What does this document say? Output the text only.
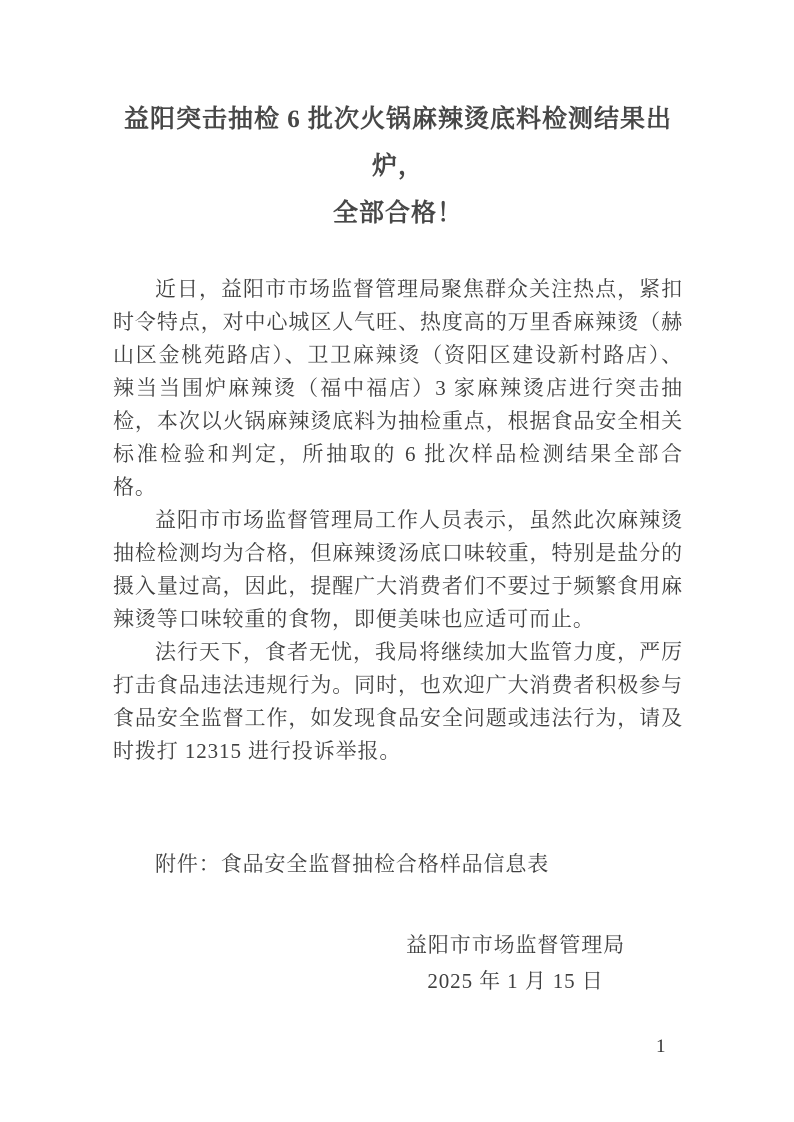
益阳突击抽检 6 批次火锅麻辣烫底料检测结果出炉，
全部合格！

近日，益阳市市场监督管理局聚焦群众关注热点，紧扣时令特点，对中心城区人气旺、热度高的万里香麻辣烫（赫山区金桃苑路店）、卫卫麻辣烫（资阳区建设新村路店）、辣当当围炉麻辣烫（福中福店）3 家麻辣烫店进行突击抽检，本次以火锅麻辣烫底料为抽检重点，根据食品安全相关标准检验和判定，所抽取的 6 批次样品检测结果全部合格。

益阳市市场监督管理局工作人员表示，虽然此次麻辣烫抽检检测均为合格，但麻辣烫汤底口味较重，特别是盐分的摄入量过高，因此，提醒广大消费者们不要过于频繁食用麻辣烫等口味较重的食物，即便美味也应适可而止。

法行天下，食者无忧，我局将继续加大监管力度，严厉打击食品违法违规行为。同时，也欢迎广大消费者积极参与食品安全监督工作，如发现食品安全问题或违法行为，请及时拨打 12315 进行投诉举报。

附件：食品安全监督抽检合格样品信息表

益阳市市场监督管理局
2025 年 1 月 15 日
1
